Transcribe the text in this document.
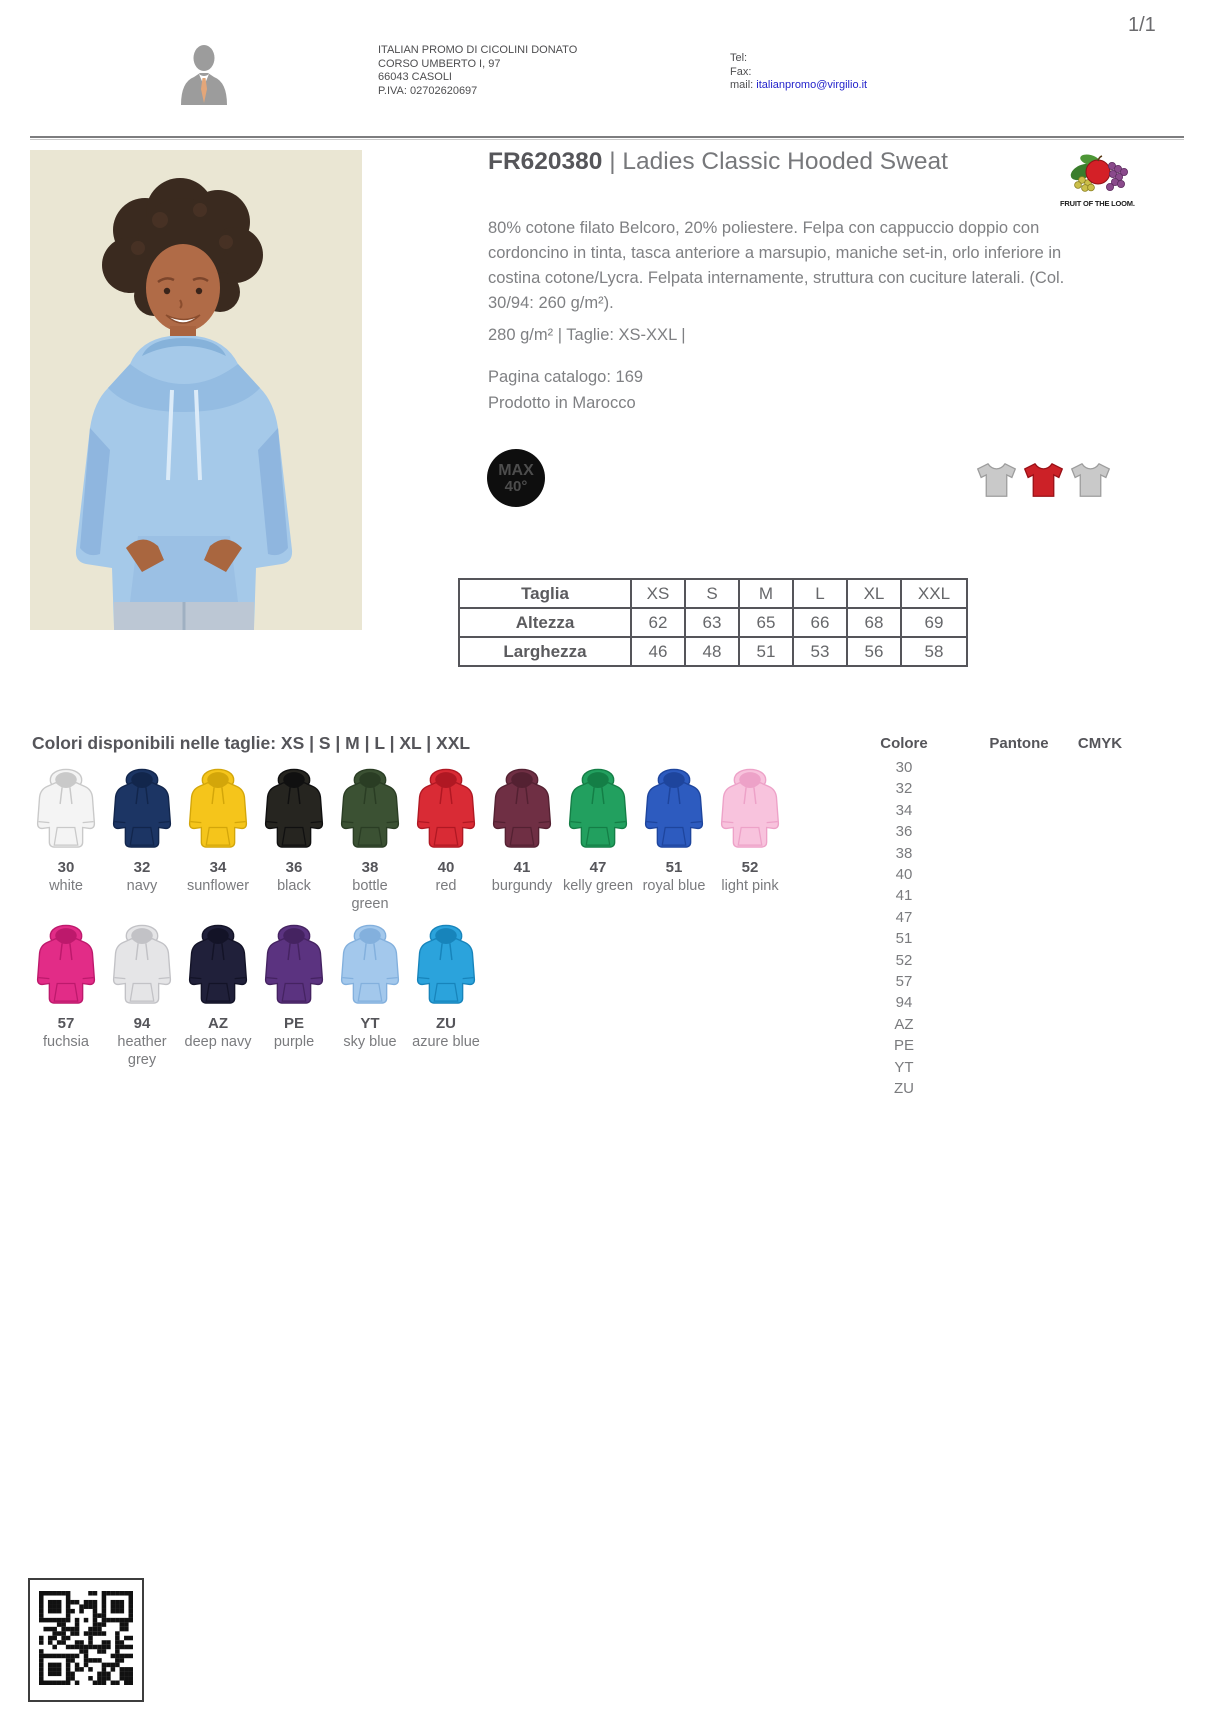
1/1
ITALIAN PROMO DI CICOLINI DONATO
CORSO UMBERTO I, 97
66043 CASOLI
P.IVA: 02702620697
Tel:
Fax:
mail: italianpromo@virgilio.it
FR620380 | Ladies Classic Hooded Sweat
FRUIT OF THE LOOM.
80% cotone filato Belcoro, 20% poliestere. Felpa con cappuccio doppio con cordoncino in tinta, tasca anteriore a marsupio, maniche set-in, orlo inferiore in costina cotone/Lycra. Felpata internamente, struttura con cuciture laterali. (Col. 30/94: 260 g/m²).
280 g/m² | Taglie: XS-XXL |
Pagina catalogo: 169
Prodotto in Marocco
MAX
40°
Taglia	XS	S	M	L	XL	XXL
Altezza	62	63	65	66	68	69
Larghezza	46	48	51	53	56	58
Colori disponibili nelle taglie: XS | S | M | L | XL | XXL
30
white
32
navy
34
sunflower
36
black
38
bottle green
40
red
41
burgundy
47
kelly green
51
royal blue
52
light pink
57
fuchsia
94
heather grey
AZ
deep navy
PE
purple
YT
sky blue
ZU
azure blue
Colore	Pantone	CMYK
30
32
34
36
38
40
41
47
51
52
57
94
AZ
PE
YT
ZU
